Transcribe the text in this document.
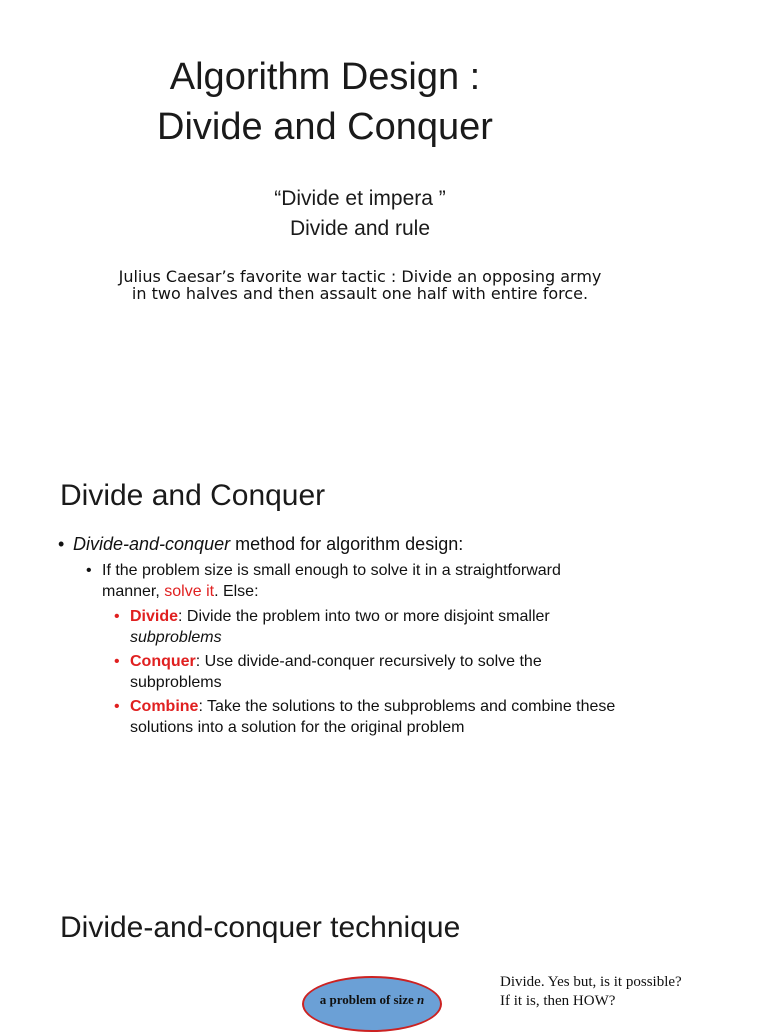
Algorithm Design :
Divide and Conquer
“Divide et impera ”
Divide and rule
Julius Caesar’s favorite war tactic : Divide an opposing army
in two halves and then assault one half with entire force.
Divide and Conquer
• Divide-and-conquer method for algorithm design:
• If the problem size is small enough to solve it in a straightforward manner, solve it. Else:
• Divide: Divide the problem into two or more disjoint smaller subproblems
• Conquer: Use divide-and-conquer recursively to solve the subproblems
• Combine: Take the solutions to the subproblems and combine these solutions into a solution for the original problem
Divide-and-conquer technique
a problem of size
n
Divide. Yes but, is it possible?
If it is, then HOW?
